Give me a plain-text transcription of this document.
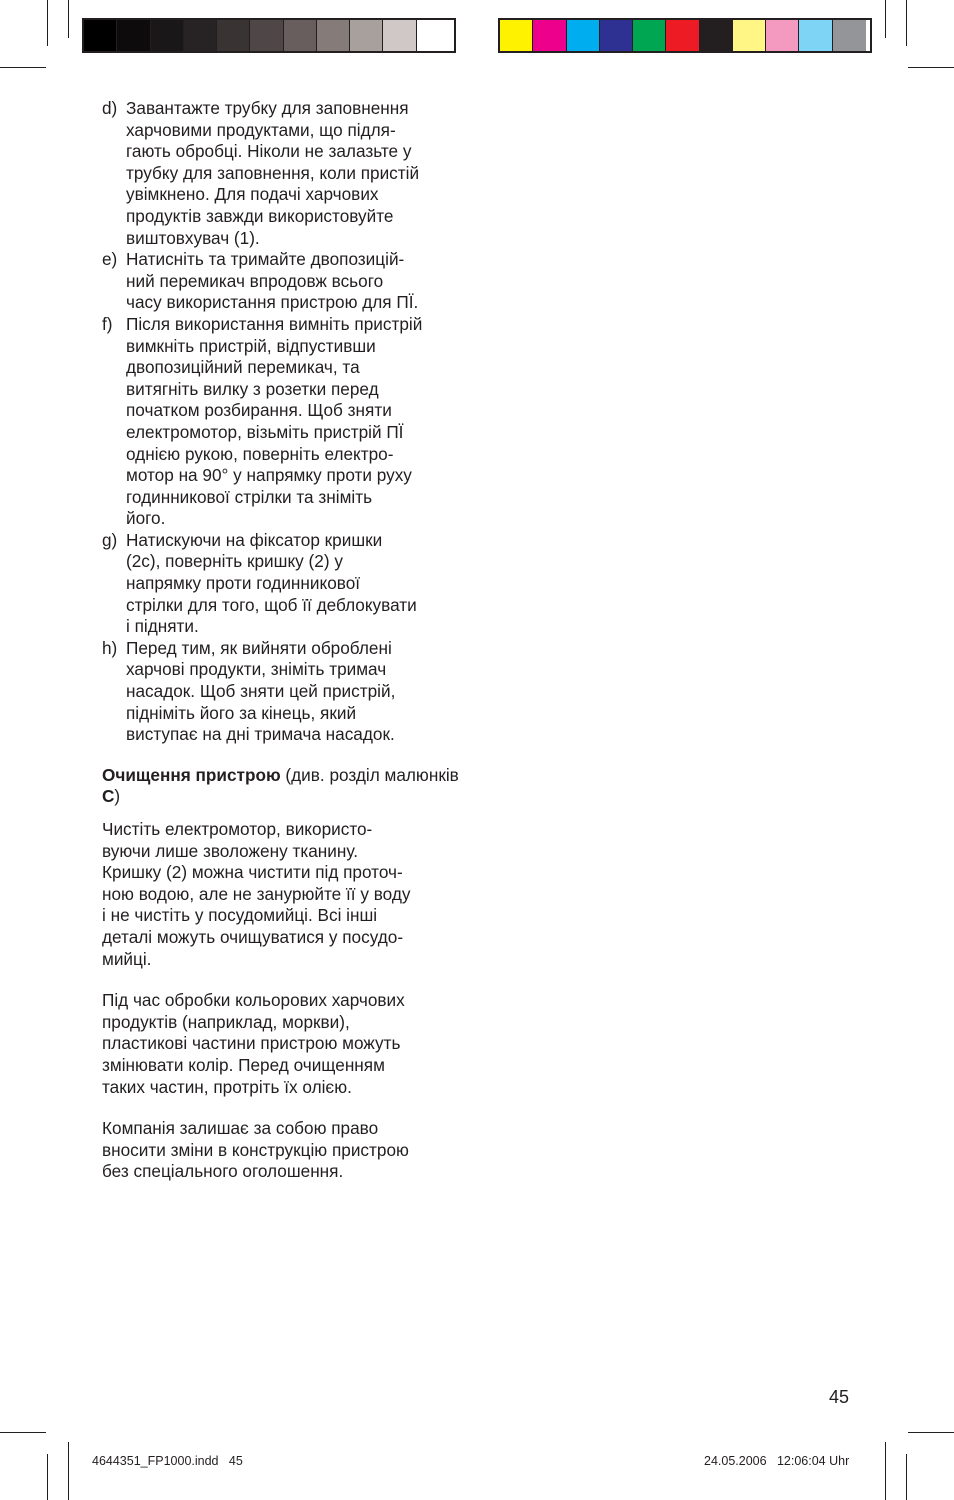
d) Завантажте трубку для заповнення
харчовими продуктами, що підля-
гають обробці. Ніколи не залазьте у
трубку для заповнення, коли пристій
увімкнено. Для подачі харчових
продуктів завжди використовуйте
виштовхувач (1).
e) Натисніть та тримайте двопозицій-
ний перемикач впродовж всього
часу використання пристрою для ПЇ.
f) Після використання вимніть пристрій
вимкніть пристрій, відпустивши
двопозиційний перемикач, та
витягніть вилку з розетки перед
початком розбирання. Щоб зняти
електромотор, візьміть пристрій ПЇ
однією рукою, поверніть електро-
мотор на 90° у напрямку проти руху
годинникової стрілки та зніміть
його.
g) Натискуючи на фіксатор кришки
(2c), поверніть кришку (2) у
напрямку проти годинникової
стрілки для того, щоб її деблокувати
і підняти.
h) Перед тим, як вийняти оброблені
харчові продукти, зніміть тримач
насадок. Щоб зняти цей пристрій,
підніміть його за кінець, який
виступає на дні тримача насадок.
Очищення пристрою (див. розділ малюнків C)
Чистіть електромотор, використо-
вуючи лише зволожену тканину.
Кришку (2) можна чистити під проточ-
ною водою, але не занурюйте її у воду
і не чистіть у посудомийці. Всі інші
деталі можуть очищуватися у посудо-
мийці.
Під час обробки кольорових харчових
продуктів (наприклад, моркви),
пластикові частини пристрою можуть
змінювати колір. Перед очищенням
таких частин, протріть їх олією.
Компанія залишає за собою право
вносити зміни в конструкцію пристрою
без спеціального оголошення.
45
4644351_FP1000.indd   45	24.05.2006   12:06:04 Uhr
